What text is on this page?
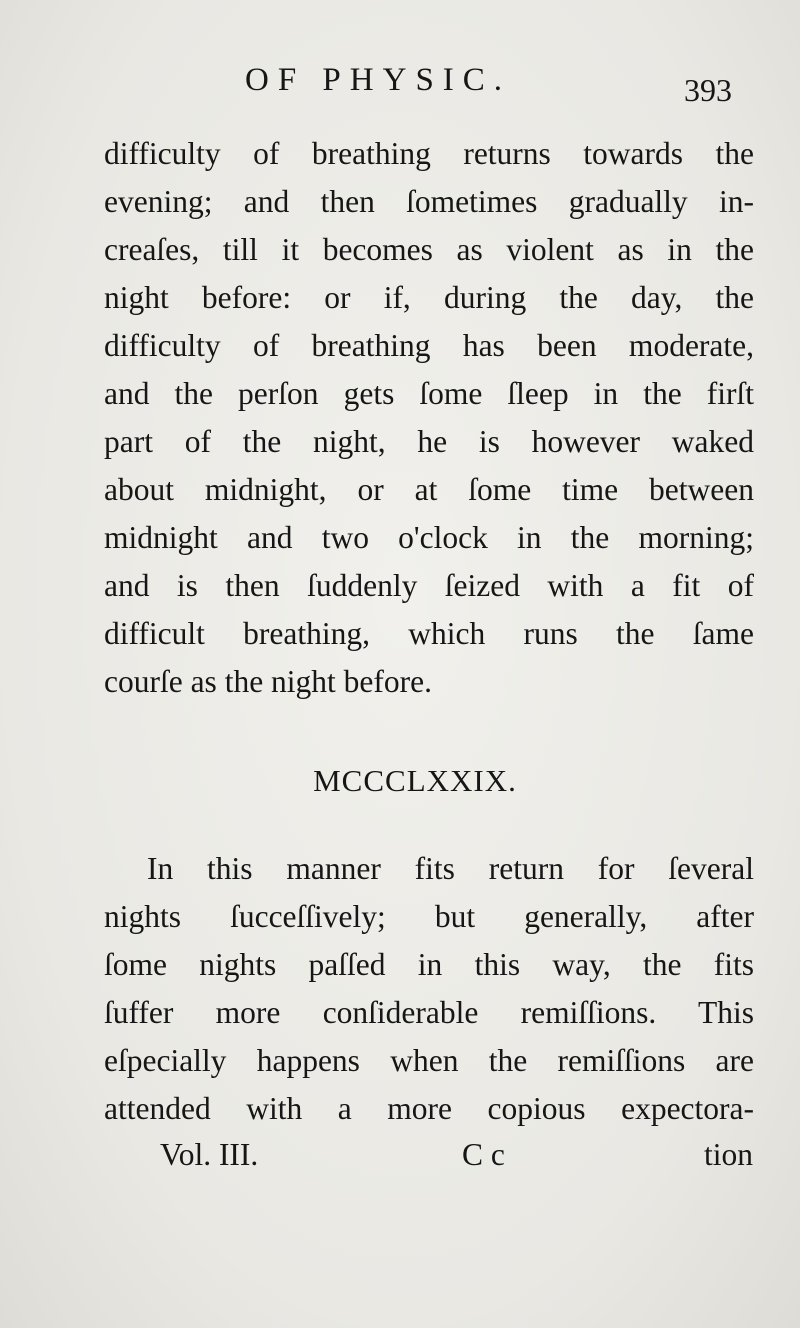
OF PHYSIC.	393
difficulty of breathing returns towards the
evening; and then ſometimes gradually in-
creaſes, till it becomes as violent as in the
night before: or if, during the day, the
difficulty of breathing has been moderate,
and the perſon gets ſome ſleep in the firſt
part of the night, he is however waked
about midnight, or at ſome time between
midnight and two o'clock in the morning;
and is then ſuddenly ſeized with a fit of
difficult breathing, which runs the ſame
courſe as the night before.
MCCCLXXIX.
In this manner fits return for ſeveral
nights ſucceſſively; but generally, after
ſome nights paſſed in this way, the fits
ſuffer more conſiderable remiſſions. This
eſpecially happens when the remiſſions are
attended with a more copious expectora-
Vol. III.	C c	tion
